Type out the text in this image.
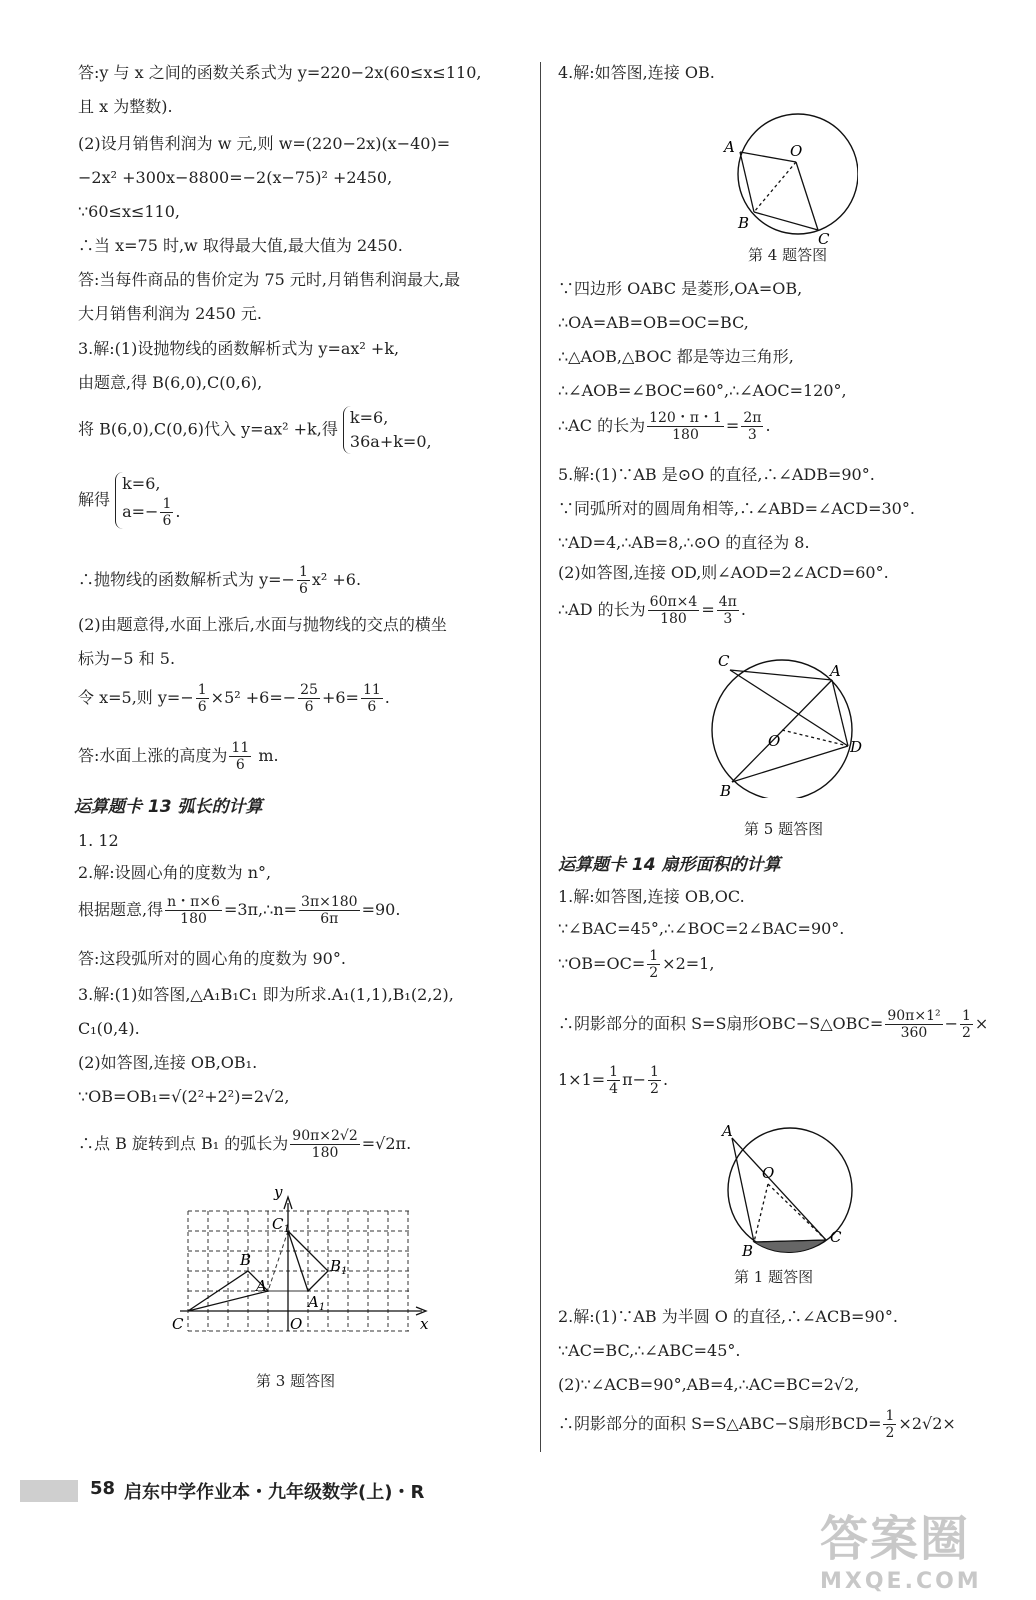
答:y 与 x 之间的函数关系式为 y=220−2x(60≤x≤110,
且 x 为整数).
(2)设月销售利润为 w 元,则 w=(220−2x)(x−40)=
−2x² +300x−8800=−2(x−75)² +2450,
∵60≤x≤110,
∴当 x=75 时,w 取得最大值,最大值为 2450.
答:当每件商品的售价定为 75 元时,月销售利润最大,最
大月销售利润为 2450 元.
3.解:(1)设抛物线的函数解析式为 y=ax² +k,
由题意,得 B(6,0),C(0,6),
将 B(6,0),C(0,6)代入 y=ax² +k,得
k=6,
36a+k=0,
解得
k=6,
$a=- \frac{1}{6}$ .
∴抛物线的函数解析式为 $y=- \frac{1}{6} x^2 +6$.
(2)由题意得,水面上涨后,水面与抛物线的交点的横坐
标为−5 和 5.
令 x=5,则 $y=- \frac{1}{6} \times 5^2 +6=- \frac{25}{6} +6= \frac{11}{6}$ .
答:水面上涨的高度为 $\frac{11}{6} m$.
运算题卡 13 弧长的计算
1. 12
2.解:设圆心角的度数为 n°,
根据题意,得 $\frac{n・\pi\times 6}{180}$ =3π,∴n= $\frac{3\pi\times 180}{6\pi} =90$.
答:这段弧所对的圆心角的度数为 90°.
3.解:(1)如答图,△A₁B₁C₁ 即为所求.A₁(1,1),B₁(2,2),
C₁(0,4).
(2)如答图,连接 OB,OB₁.
∵OB=OB₁=√(2²+2²)=2√2,
∴点 B 旋转到点 B₁ 的弧长为 $\frac{90\pi\times 2√2}{180} =√2\pi$.
y
x
O
C
$C_1$
B	$B_1$
A
$A_1$
第 3 题答图
4.解:如答图,连接 OB.
A	O
B
C
第 4 题答图
∵四边形 OABC 是菱形,OA=OB,
∴OA=AB=OB=OC=BC,
∴△AOB,△BOC 都是等边三角形,
∴∠AOB=∠BOC=60°,∴∠AOC=120°,
∴AC 的长为 $\frac{120・\pi・1}{180} = \frac{2\pi}{3}$ .
5.解:(1)∵AB 是⊙O 的直径,∴∠ADB=90°.
∵同弧所对的圆周角相等,∴∠ABD=∠ACD=30°.
∵AD=4,∴AB=8,∴⊙O 的直径为 8.
(2)如答图,连接 OD,则∠AOD=2∠ACD=60°.
∴AD 的长为 $\frac{60\pi\times 4}{180} = \frac{4\pi}{3}$ .
C
A
O	D
B
第 5 题答图
运算题卡 14 扇形面积的计算
1.解:如答图,连接 OB,OC.
∵∠BAC=45°,∴∠BOC=2∠BAC=90°.
∵OB=OC= $\frac{1}{2} \times 2=1$,
∴阴影部分的面积 S=S扇形OBC−S△OBC= $\frac{\text{90π×1²}}{360} - \frac{1}{2}$ ×
$1\times 1= \frac{1}{4} \pi- \frac{1}{2}$ .
A
O
C
B
第 1 题答图
2.解:(1)∵AB 为半圆 O 的直径,∴∠ACB=90°.
∵AC=BC,∴∠ABC=45°.
(2)∵∠ACB=90°,AB=4,∴AC=BC=2√2,
∴阴影部分的面积 S=S△ABC−S扇形$BCD= \frac{1}{2} \times 2√2\times$
58 启东中学作业本・九年级数学(上)・R
答案圈
MXQE.COM
